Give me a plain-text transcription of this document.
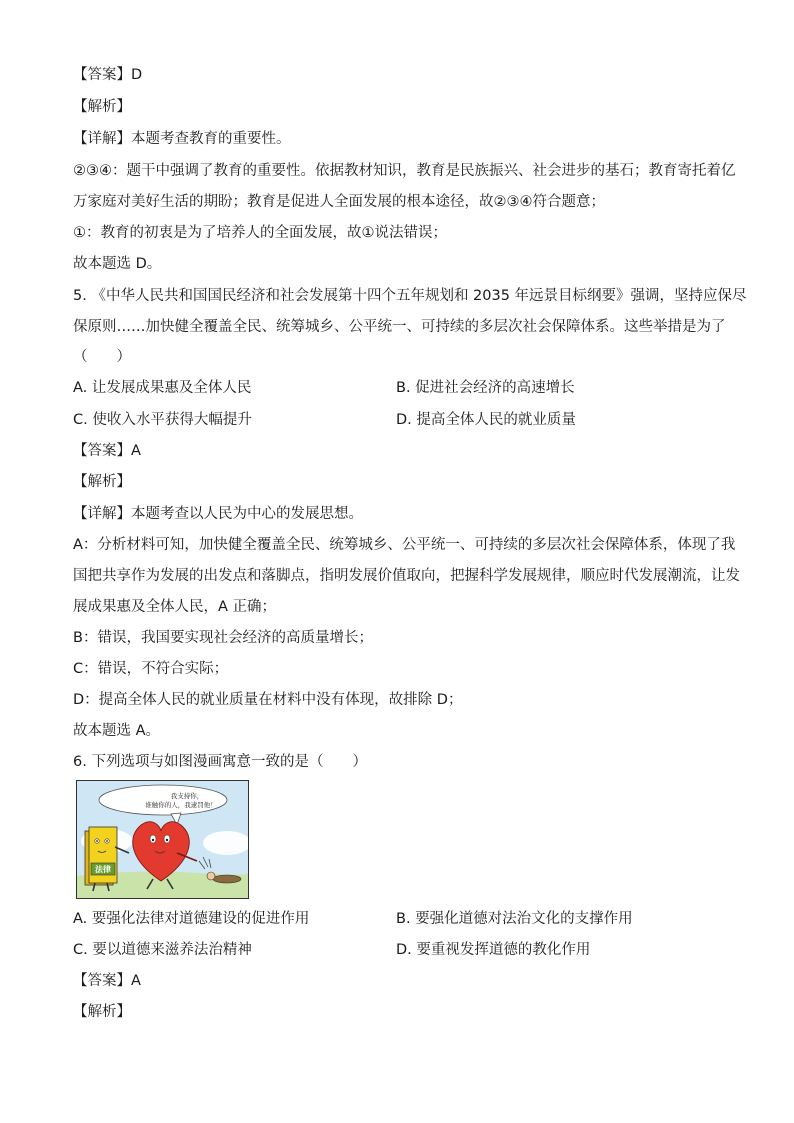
【答案】D
【解析】
【详解】本题考查教育的重要性。
②③④：题干中强调了教育的重要性。依据教材知识，教育是民族振兴、社会进步的基石；教育寄托着亿
万家庭对美好生活的期盼；教育是促进人全面发展的根本途径，故②③④符合题意；
①：教育的初衷是为了培养人的全面发展，故①说法错误；
故本题选 D。
5. 《中华人民共和国国民经济和社会发展第十四个五年规划和 2035 年远景目标纲要》强调，坚持应保尽
保原则……加快健全覆盖全民、统筹城乡、公平统一、可持续的多层次社会保障体系。这些举措是为了
（　　）
A. 让发展成果惠及全体人民	B. 促进社会经济的高速增长
C. 使收入水平获得大幅提升	D. 提高全体人民的就业质量
【答案】A
【解析】
【详解】本题考查以人民为中心的发展思想。
A：分析材料可知，加快健全覆盖全民、统筹城乡、公平统一、可持续的多层次社会保障体系，体现了我
国把共享作为发展的出发点和落脚点，指明发展价值取向，把握科学发展规律，顺应时代发展潮流，让发
展成果惠及全体人民，A 正确；
B：错误，我国要实现社会经济的高质量增长；
C：错误，不符合实际；
D：提高全体人民的就业质量在材料中没有体现，故排除 D；
故本题选 A。
6. 下列选项与如图漫画寓意一致的是（　　）
我支持你，
谁触你的人，我逮罚他！
法律
A. 要强化法律对道德建设的促进作用	B. 要强化道德对法治文化的支撑作用
C. 要以道德来滋养法治精神	D. 要重视发挥道德的教化作用
【答案】A
【解析】
